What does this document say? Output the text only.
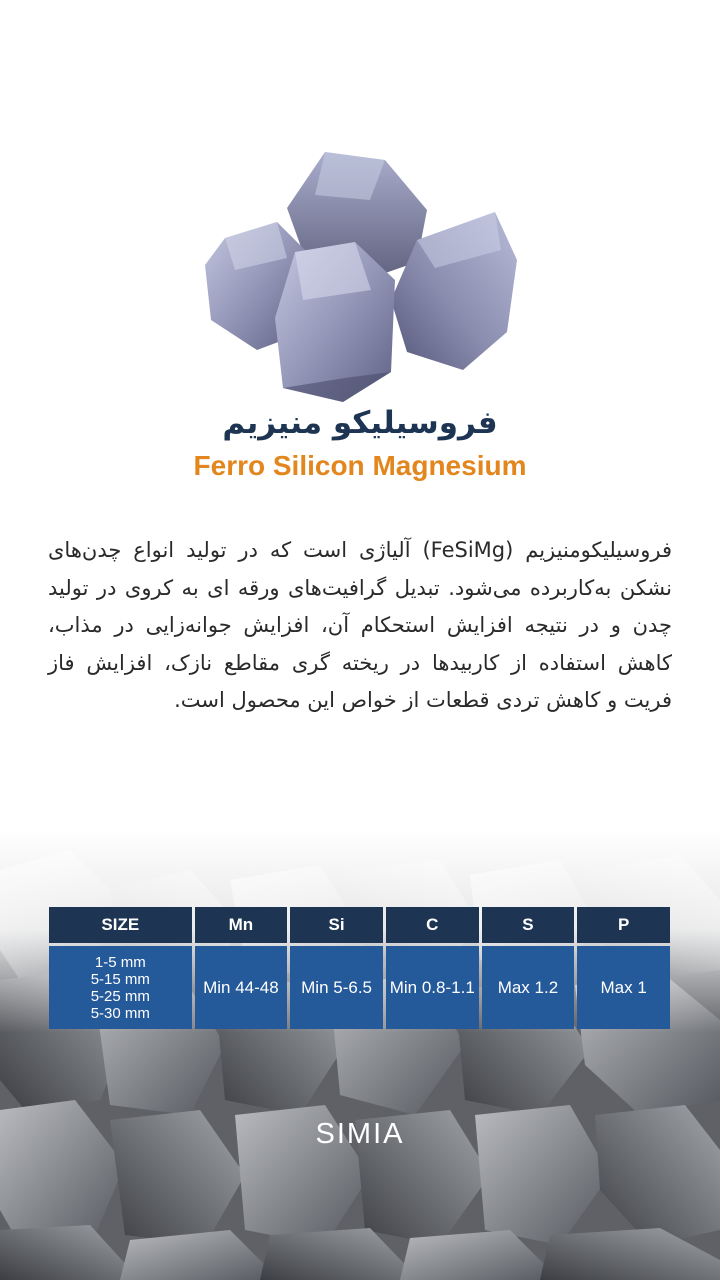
فروسیلیکو منیزیم
Ferro Silicon Magnesium
فروسیلیکومنیزیم (FeSiMg) آلیاژی است که در تولید انواع چدن‌های نشکن به‌کاربرده می‌شود. تبدیل گرافیت‌های ورقه ای به کروی در تولید چدن و در نتیجه افزایش استحکام آن، افزایش جوانه‌زایی در مذاب، کاهش استفاده از کاربیدها در ریخته گری مقاطع نازک، افزایش فاز فریت و کاهش تردی قطعات از خواص این محصول است.
SIZE	Mn	Si	C	S	P

1-5 mm
5-15 mm
5-25 mm
5-30 mm	Min 44-48	Min 5-6.5	Min 0.8-1.1	Max 1.2	Max 1
SIMIA
